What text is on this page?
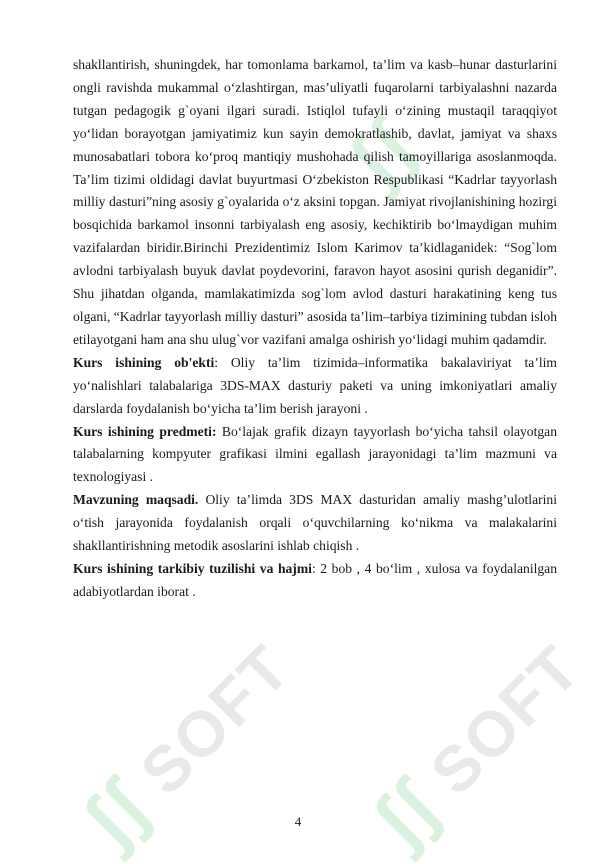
ʃʃ
ʃʃ SOFT
ʃʃ SOFT

shakllantirish, shuningdek, har tomonlama barkamol, ta’lim va kasb–hunar dasturlarini ongli ravishda mukammal o‘zlashtirgan, mas’uliyatli fuqarolarni tarbiyalashni nazarda tutgan pedagogik g`oyani ilgari suradi. Istiqlol tufayli o‘zining mustaqil taraqqiyot yo‘lidan borayotgan jamiyatimiz kun sayin demokratlashib, davlat, jamiyat va shaxs munosabatlari tobora ko‘proq mantiqiy mushohada qilish tamoyillariga asoslanmoqda. Ta’lim tizimi oldidagi davlat buyurtmasi O‘zbekiston Respublikasi “Kadrlar tayyorlash milliy dasturi”ning asosiy g`oyalarida o‘z aksini topgan. Jamiyat rivojlanishining hozirgi bosqichida barkamol insonni tarbiyalash eng asosiy, kechiktirib bo‘lmaydigan muhim vazifalardan biridir.Birinchi Prezidentimiz Islom Karimov ta’kidlaganidek: “Sog`lom avlodni tarbiyalash buyuk davlat poydevorini, faravon hayot asosini qurish deganidir”. Shu jihatdan olganda, mamlakatimizda sog`lom avlod dasturi harakatining keng tus olgani, “Kadrlar tayyorlash milliy dasturi” asosida ta’lim–tarbiya tizimining tubdan isloh etilayotgani ham ana shu ulug`vor vazifani amalga oshirish yo‘lidagi muhim qadamdir.

Kurs ishining ob'ekti: Oliy ta’lim tizimida–informatika bakalaviriyat ta’lim yo‘nalishlari talabalariga 3DS-MAX dasturiy paketi va uning imkoniyatlari amaliy darslarda foydalanish bo‘yicha ta’lim berish jarayoni .

Kurs ishining predmeti: Bo‘lajak grafik dizayn tayyorlash bo‘yicha tahsil olayotgan talabalarning kompyuter grafikasi ilmini egallash jarayonidagi ta’lim mazmuni va texnologiyasi .

Mavzuning maqsadi. Oliy ta’limda 3DS MAX dasturidan amaliy mashg’ulotlarini o‘tish jarayonida foydalanish orqali o‘quvchilarning ko‘nikma va malakalarini shakllantirishning metodik asoslarini ishlab chiqish .

Kurs ishining tarkibiy tuzilishi va hajmi: 2 bob , 4 bo‘lim , xulosa va foydalanilgan adabiyotlardan iborat .

4
